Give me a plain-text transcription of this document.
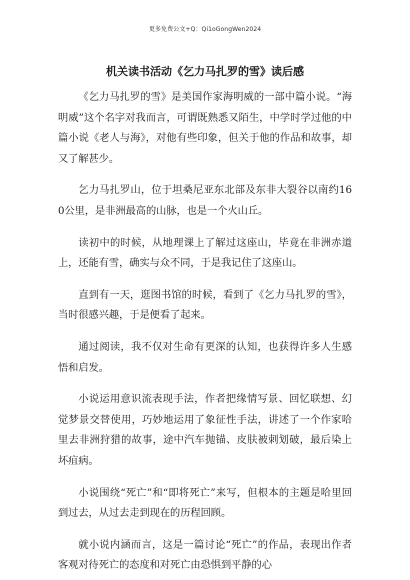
更多免费公文+Q：Qi1oGongWen2024
机关读书活动《乞力马扎罗的雪》读后感

《乞力马扎罗的雪》是美国作家海明威的一部中篇小说。“海明威”这个名字对我而言，可谓既熟悉又陌生，中学时学过他的中篇小说《老人与海》，对他有些印象，但关于他的作品和故事，却又了解甚少。

乞力马扎罗山，位于坦桑尼亚东北部及东非大裂谷以南约160公里，是非洲最高的山脉，也是一个火山丘。

读初中的时候，从地理课上了解过这座山，毕竟在非洲赤道上，还能有雪，确实与众不同，于是我记住了这座山。

直到有一天，逛图书馆的时候，看到了《乞力马扎罗的雪》，当时很感兴趣，于是便看了起来。

通过阅读，我不仅对生命有更深的认知，也获得许多人生感悟和启发。

小说运用意识流表现手法，作者把缘情写景、回忆联想、幻觉梦景交替使用，巧妙地运用了象征性手法，讲述了一个作家哈里去非洲狩猎的故事，途中汽车抛锚、皮肤被刺划破，最后染上坏疽病。

小说围绕“死亡”和“即将死亡”来写，但根本的主题是哈里回到过去，从过去走到现在的历程回顾。

就小说内涵而言，这是一篇讨论“死亡”的作品，表现出作者客观对待死亡的态度和对死亡由恐惧到平静的心
